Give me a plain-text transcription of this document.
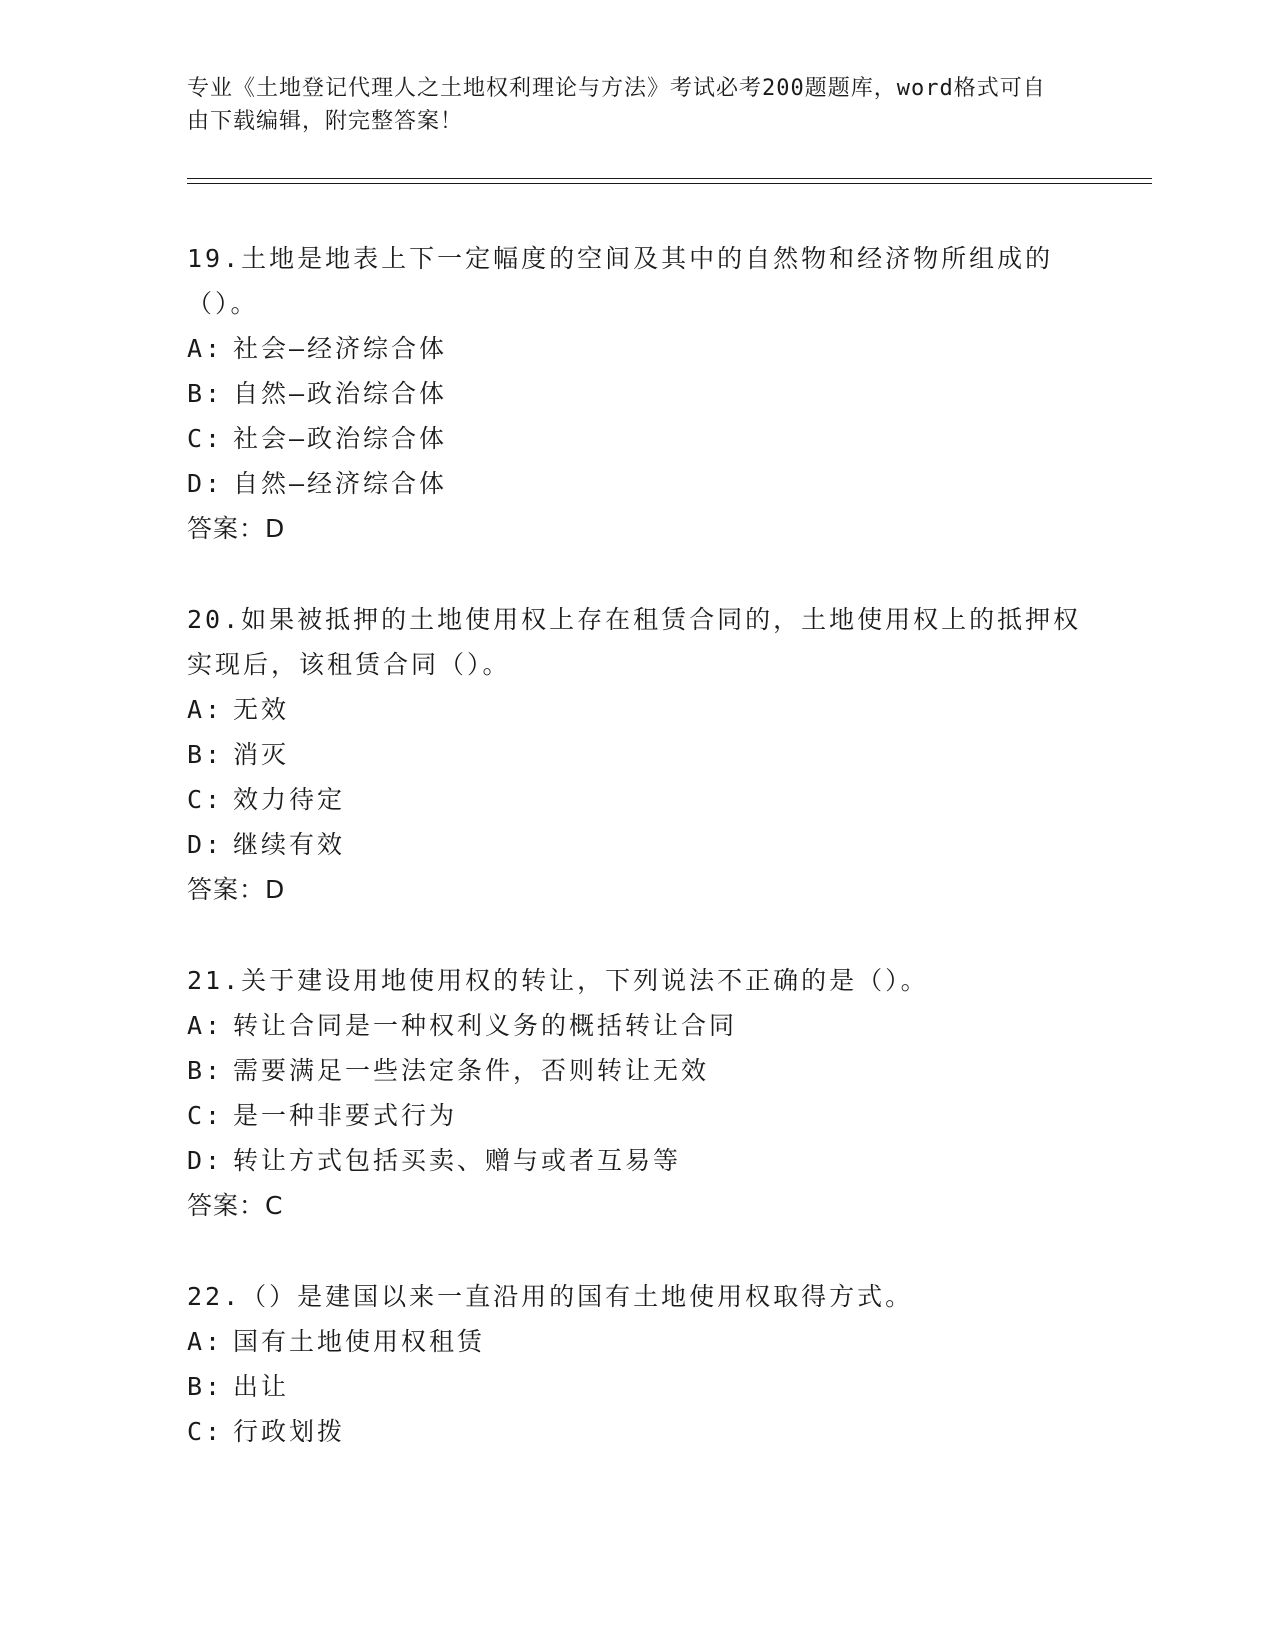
专业《土地登记代理人之土地权利理论与方法》考试必考200题题库，word格式可自由下载编辑，附完整答案！

19.土地是地表上下一定幅度的空间及其中的自然物和经济物所组成的（）。

A: 社会—经济综合体

B: 自然—政治综合体

C: 社会—政治综合体

D: 自然—经济综合体

答案：D

20.如果被抵押的土地使用权上存在租赁合同的，土地使用权上的抵押权实现后，该租赁合同（）。

A: 无效

B: 消灭

C: 效力待定

D: 继续有效

答案：D

21.关于建设用地使用权的转让，下列说法不正确的是（）。

A: 转让合同是一种权利义务的概括转让合同

B: 需要满足一些法定条件，否则转让无效

C: 是一种非要式行为

D: 转让方式包括买卖、赠与或者互易等

答案：C

22.（）是建国以来一直沿用的国有土地使用权取得方式。

A: 国有土地使用权租赁

B: 出让

C: 行政划拨
